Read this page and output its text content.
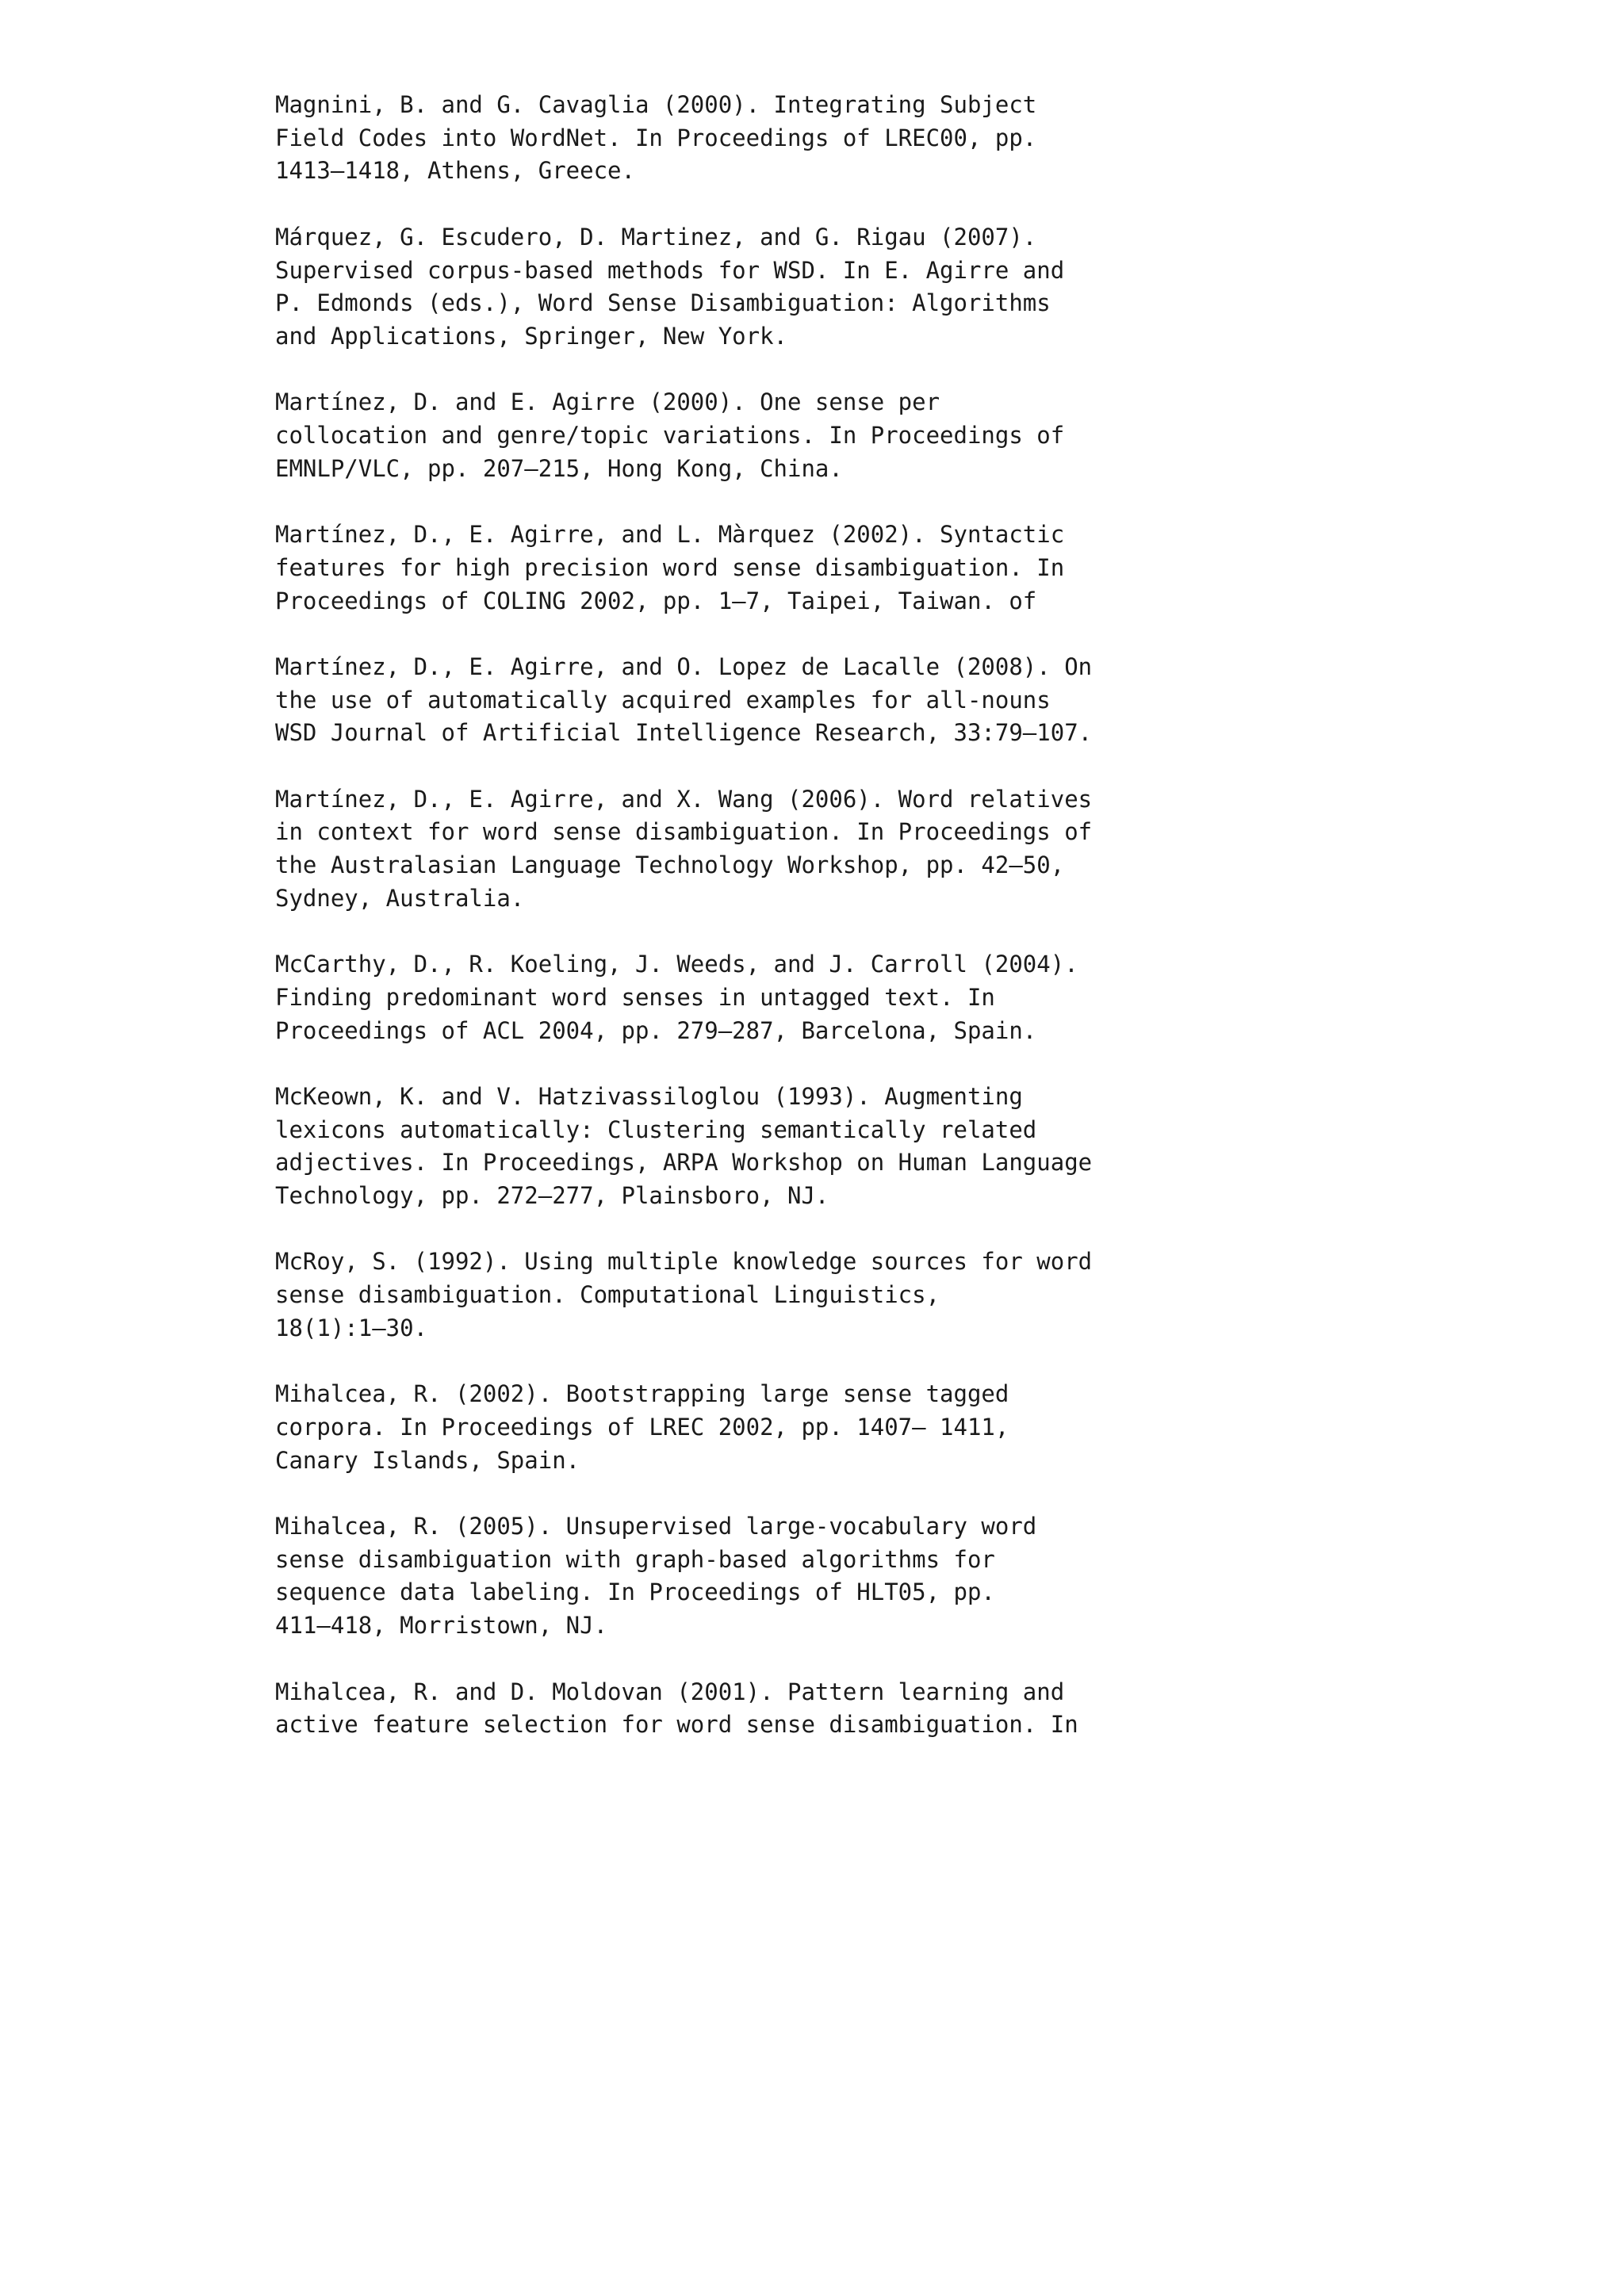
Magnini, B. and G. Cavaglia (2000). Integrating Subject
Field Codes into WordNet. In Proceedings of LREC00, pp.
1413–1418, Athens, Greece.
Márquez, G. Escudero, D. Martinez, and G. Rigau (2007).
Supervised corpus-based methods for WSD. In E. Agirre and
P. Edmonds (eds.), Word Sense Disambiguation: Algorithms
and Applications, Springer, New York.
Martínez, D. and E. Agirre (2000). One sense per
collocation and genre/topic variations. In Proceedings of
EMNLP/VLC, pp. 207–215, Hong Kong, China.
Martínez, D., E. Agirre, and L. Màrquez (2002). Syntactic
features for high precision word sense disambiguation. In
Proceedings of COLING 2002, pp. 1–7, Taipei, Taiwan. of
Martínez, D., E. Agirre, and O. Lopez de Lacalle (2008). On
the use of automatically acquired examples for all-nouns
WSD Journal of Artificial Intelligence Research, 33:79–107.
Martínez, D., E. Agirre, and X. Wang (2006). Word relatives
in context for word sense disambiguation. In Proceedings of
the Australasian Language Technology Workshop, pp. 42–50,
Sydney, Australia.
McCarthy, D., R. Koeling, J. Weeds, and J. Carroll (2004).
Finding predominant word senses in untagged text. In
Proceedings of ACL 2004, pp. 279–287, Barcelona, Spain.
McKeown, K. and V. Hatzivassiloglou (1993). Augmenting
lexicons automatically: Clustering semantically related
adjectives. In Proceedings, ARPA Workshop on Human Language
Technology, pp. 272–277, Plainsboro, NJ.
McRoy, S. (1992). Using multiple knowledge sources for word
sense disambiguation. Computational Linguistics,
18(1):1–30.
Mihalcea, R. (2002). Bootstrapping large sense tagged
corpora. In Proceedings of LREC 2002, pp. 1407– 1411,
Canary Islands, Spain.
Mihalcea, R. (2005). Unsupervised large-vocabulary word
sense disambiguation with graph-based algorithms for
sequence data labeling. In Proceedings of HLT05, pp.
411–418, Morristown, NJ.
Mihalcea, R. and D. Moldovan (2001). Pattern learning and
active feature selection for word sense disambiguation. In
